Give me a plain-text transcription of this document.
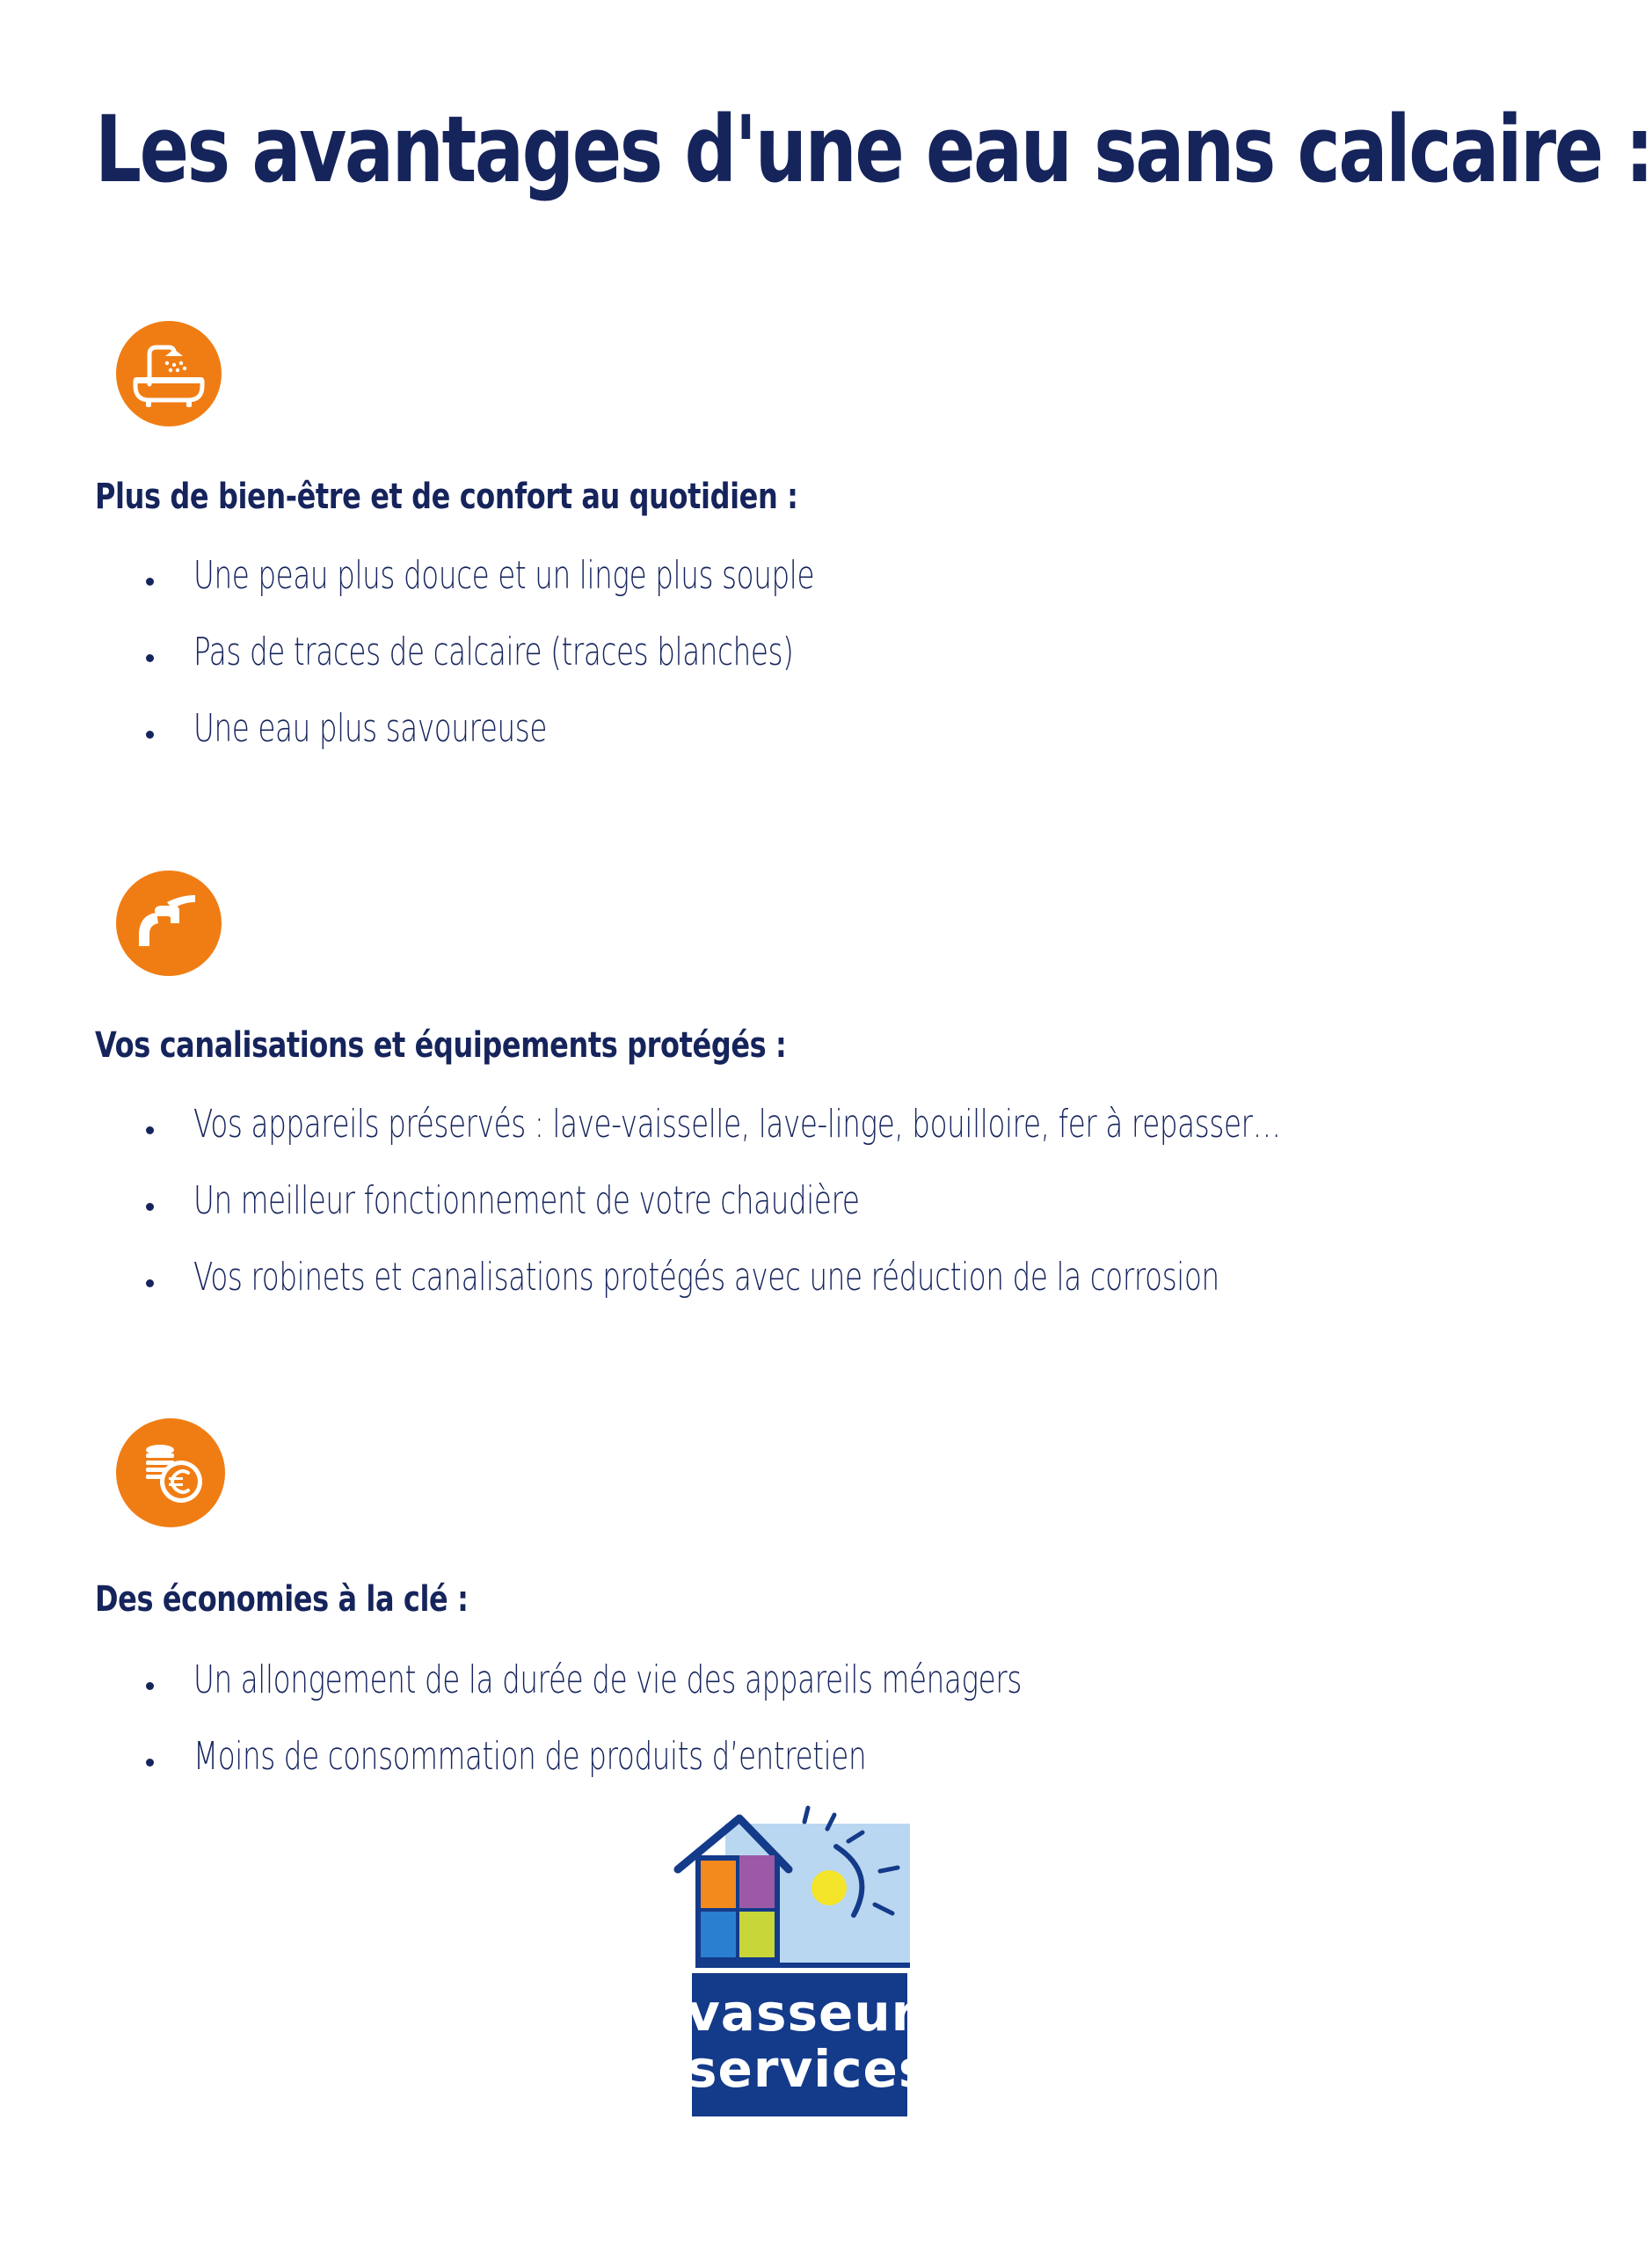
Les avantages d'une eau sans calcaire :
Plus de bien-être et de confort au quotidien :
Une peau plus douce et un linge plus souple
Pas de traces de calcaire (traces blanches)
Une eau plus savoureuse
Vos canalisations et équipements protégés :
Vos appareils préservés : lave-vaisselle, lave-linge, bouilloire, fer à repasser…
Un meilleur fonctionnement de votre chaudière
Vos robinets et canalisations protégés avec une réduction de la corrosion
Des économies à la clé :
Un allongement de la durée de vie des appareils ménagers
Moins de consommation de produits d’entretien
vasseur
services
